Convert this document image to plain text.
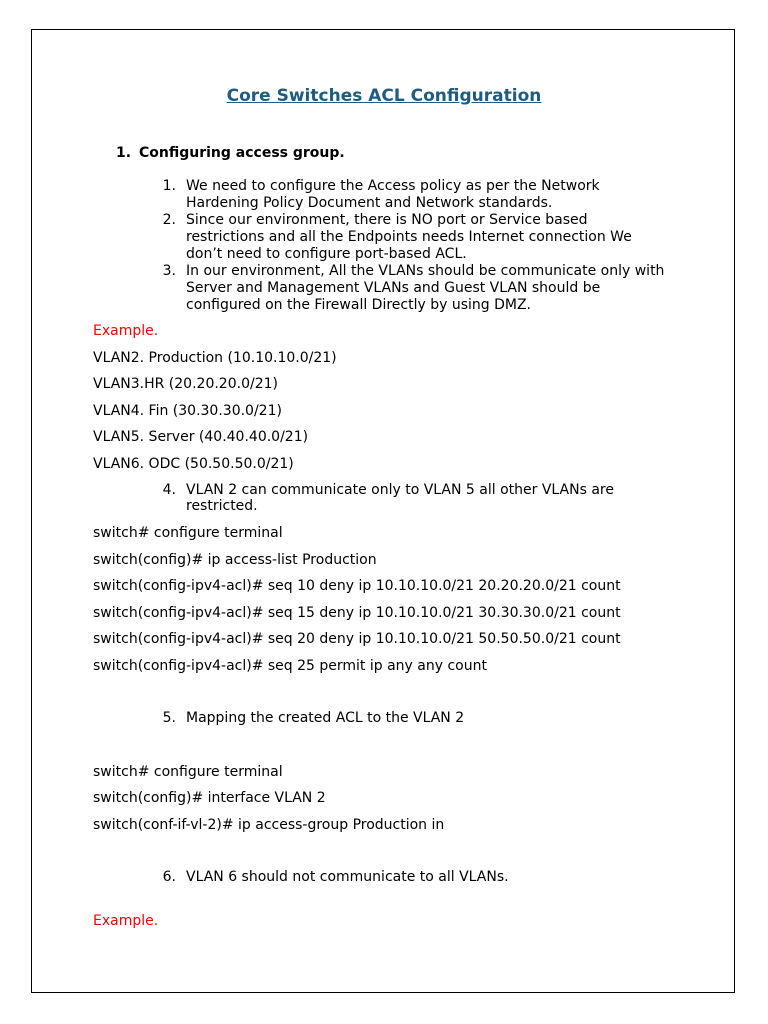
Core Switches ACL Configuration
1. Configuring access group.
1. We need to configure the Access policy as per the Network
Hardening Policy Document and Network standards.
2. Since our environment, there is NO port or Service based
restrictions and all the Endpoints needs Internet connection We
don’t need to configure port-based ACL.
3. In our environment, All the VLANs should be communicate only with
Server and Management VLANs and Guest VLAN should be
configured on the Firewall Directly by using DMZ.
Example.
VLAN2. Production (10.10.10.0/21)
VLAN3.HR (20.20.20.0/21)
VLAN4. Fin (30.30.30.0/21)
VLAN5. Server (40.40.40.0/21)
VLAN6. ODC (50.50.50.0/21)
4. VLAN 2 can communicate only to VLAN 5 all other VLANs are
restricted.
switch# configure terminal
switch(config)# ip access-list Production
switch(config-ipv4-acl)# seq 10 deny ip 10.10.10.0/21 20.20.20.0/21 count
switch(config-ipv4-acl)# seq 15 deny ip 10.10.10.0/21 30.30.30.0/21 count
switch(config-ipv4-acl)# seq 20 deny ip 10.10.10.0/21 50.50.50.0/21 count
switch(config-ipv4-acl)# seq 25 permit ip any any count
5. Mapping the created ACL to the VLAN 2
switch# configure terminal
switch(config)# interface VLAN 2
switch(conf-if-vl-2)# ip access-group Production in
6. VLAN 6 should not communicate to all VLANs.
Example.
